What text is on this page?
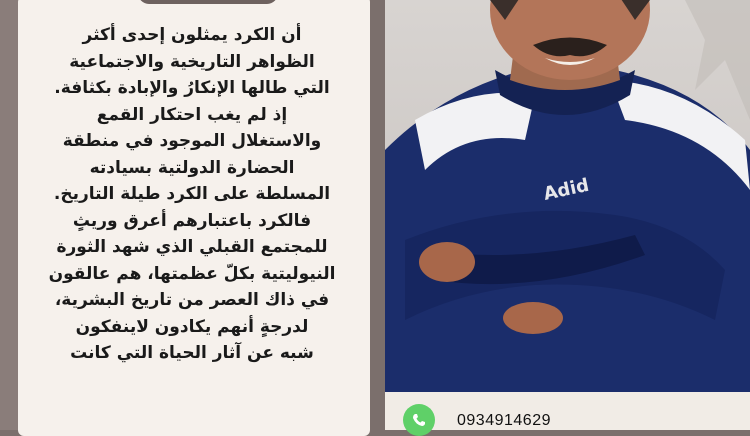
أن الكرد يمثلون إحدى أكثر
الظواهر التاريخية والاجتماعية
التي طالها الإنكارُ والإبادة بكثافة.
إذ لم يغب احتكار القمع
والاستغلال الموجود في منطقة
الحضارة الدولتية بسيادته
المسلطة على الكرد طيلة التاريخ.
فالكرد باعتبارهم أعرق وريثٍ
للمجتمع القبلي الذي شهد الثورة
النيوليتية بكلّ عظمتها، هم عالقون
في ذاك العصر من تاريخ البشرية،
لدرجةٍ أنهم يكادون لاينفكون
شبه عن آثار الحياة التي كانت
Adid
0934914629
